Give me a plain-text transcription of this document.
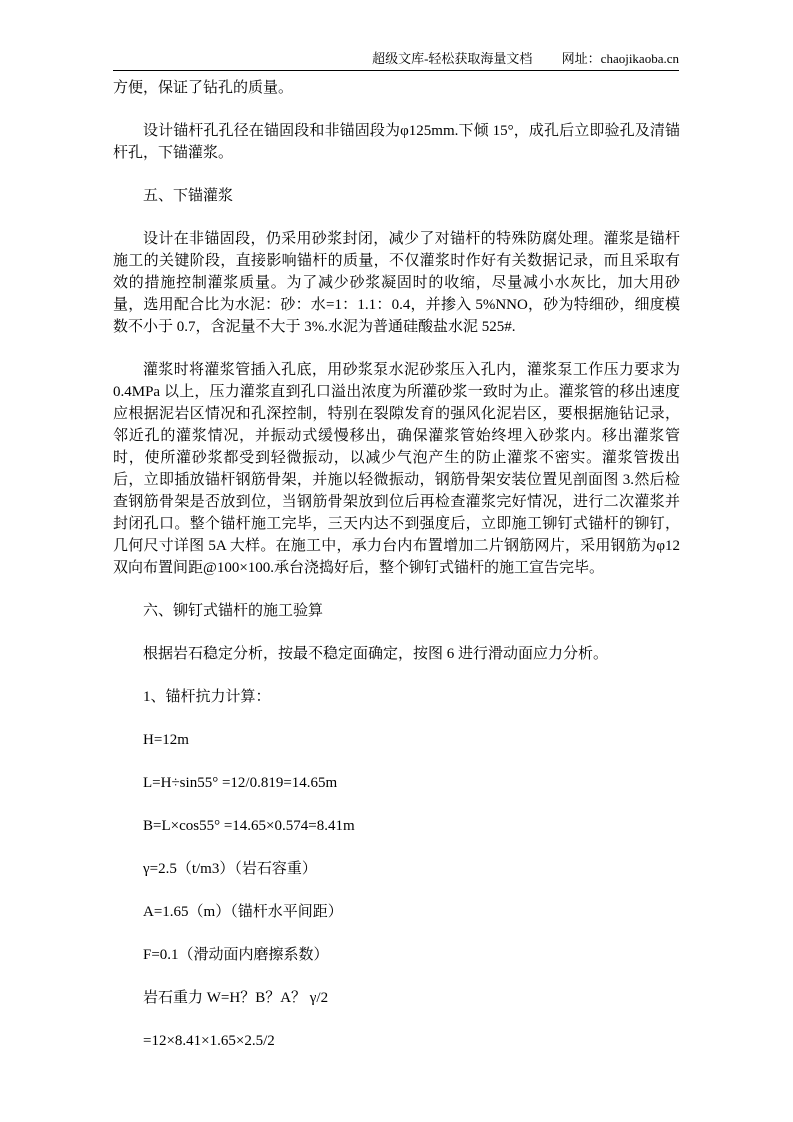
超级文库-轻松获取海量文档 网址：chaojikaoba.cn

方便，保证了钻孔的质量。

设计锚杆孔孔径在锚固段和非锚固段为φ125mm.下倾 15°，成孔后立即验孔及清锚杆孔，下锚灌浆。

五、下锚灌浆

设计在非锚固段，仍采用砂浆封闭，减少了对锚杆的特殊防腐处理。灌浆是锚杆施工的关键阶段，直接影响锚杆的质量，不仅灌浆时作好有关数据记录，而且采取有效的措施控制灌浆质量。为了减少砂浆凝固时的收缩，尽量减小水灰比，加大用砂量，选用配合比为水泥：砂：水=1：1.1：0.4，并掺入 5%NNO，砂为特细砂，细度模数不小于 0.7，含泥量不大于 3%.水泥为普通硅酸盐水泥 525#.

灌浆时将灌浆管插入孔底，用砂浆泵水泥砂浆压入孔内，灌浆泵工作压力要求为 0.4MPa 以上，压力灌浆直到孔口溢出浓度为所灌砂浆一致时为止。灌浆管的移出速度应根据泥岩区情况和孔深控制，特别在裂隙发育的强风化泥岩区，要根据施钻记录，邻近孔的灌浆情况，并振动式缓慢移出，确保灌浆管始终埋入砂浆内。移出灌浆管时，使所灌砂浆都受到轻微振动，以减少气泡产生的防止灌浆不密实。灌浆管拨出后，立即插放锚杆钢筋骨架，并施以轻微振动，钢筋骨架安装位置见剖面图 3.然后检查钢筋骨架是否放到位，当钢筋骨架放到位后再检查灌浆完好情况，进行二次灌浆并封闭孔口。整个锚杆施工完毕，三天内达不到强度后，立即施工铆钉式锚杆的铆钉，几何尺寸详图 5A 大样。在施工中，承力台内布置增加二片钢筋网片，采用钢筋为φ12 双向布置间距@100×100.承台浇捣好后，整个铆钉式锚杆的施工宣告完毕。

六、铆钉式锚杆的施工验算

根据岩石稳定分析，按最不稳定面确定，按图 6 进行滑动面应力分析。

1、锚杆抗力计算：

H=12m

L=H÷sin55° =12/0.819=14.65m

B=L×cos55° =14.65×0.574=8.41m

γ=2.5（t/m3）（岩石容重）

A=1.65（m）（锚杆水平间距）

F=0.1（滑动面内磨擦系数）

岩石重力 W=H？B？A？ γ/2

=12×8.41×1.65×2.5/2
